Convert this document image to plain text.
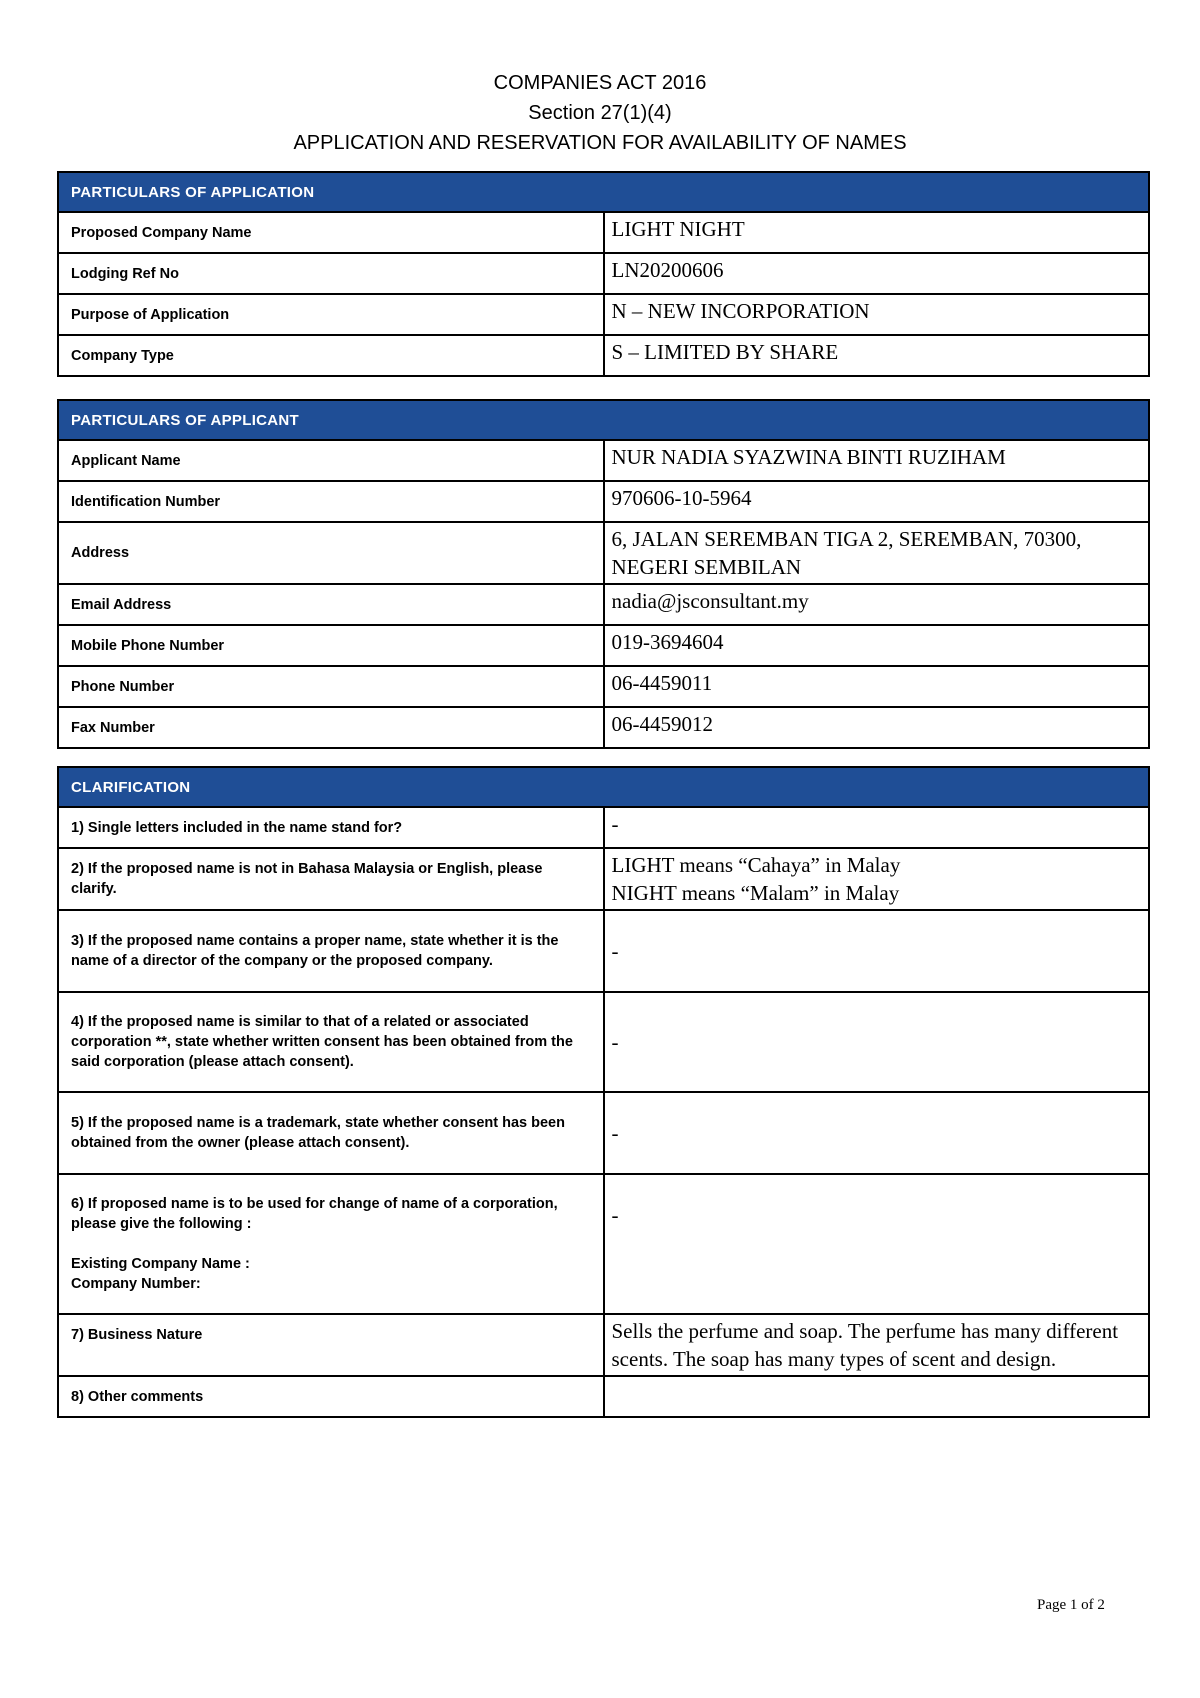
COMPANIES ACT 2016
Section 27(1)(4)
APPLICATION AND RESERVATION FOR AVAILABILITY OF NAMES
PARTICULARS OF APPLICATION	
Proposed Company Name	LIGHT NIGHT
Lodging Ref No	LN20200606
Purpose of Application	N – NEW INCORPORATION
Company Type	S – LIMITED BY SHARE
PARTICULARS OF APPLICANT	
Applicant Name	NUR NADIA SYAZWINA BINTI RUZIHAM
Identification Number	970606-10-5964
Address	6, JALAN SEREMBAN TIGA 2, SEREMBAN, 70300, NEGERI SEMBILAN
Email Address	nadia@jsconsultant.my
Mobile Phone Number	019-3694604
Phone Number	06-4459011
Fax Number	06-4459012
CLARIFICATION	
1) Single letters included in the name stand for?	-
2) If the proposed name is not in Bahasa Malaysia or English, please clarify.	LIGHT means “Cahaya” in Malay
NIGHT means “Malam” in Malay

3) If the proposed name contains a proper name, state whether it is the name of a director of the company or the proposed company.	-
4) If the proposed name is similar to that of a related or associated corporation **, state whether written consent has been obtained from the said corporation (please attach consent).	-
5) If the proposed name is a trademark, state whether consent has been obtained from the owner (please attach consent).	-
6) If proposed name is to be used for change of name of a corporation, please give the following :
Existing Company Name :
Company Number:	-
7) Business Nature	Sells the perfume and soap. The perfume has many different scents. The soap has many types of scent and design.
8) Other comments	
Page 1 of 2
